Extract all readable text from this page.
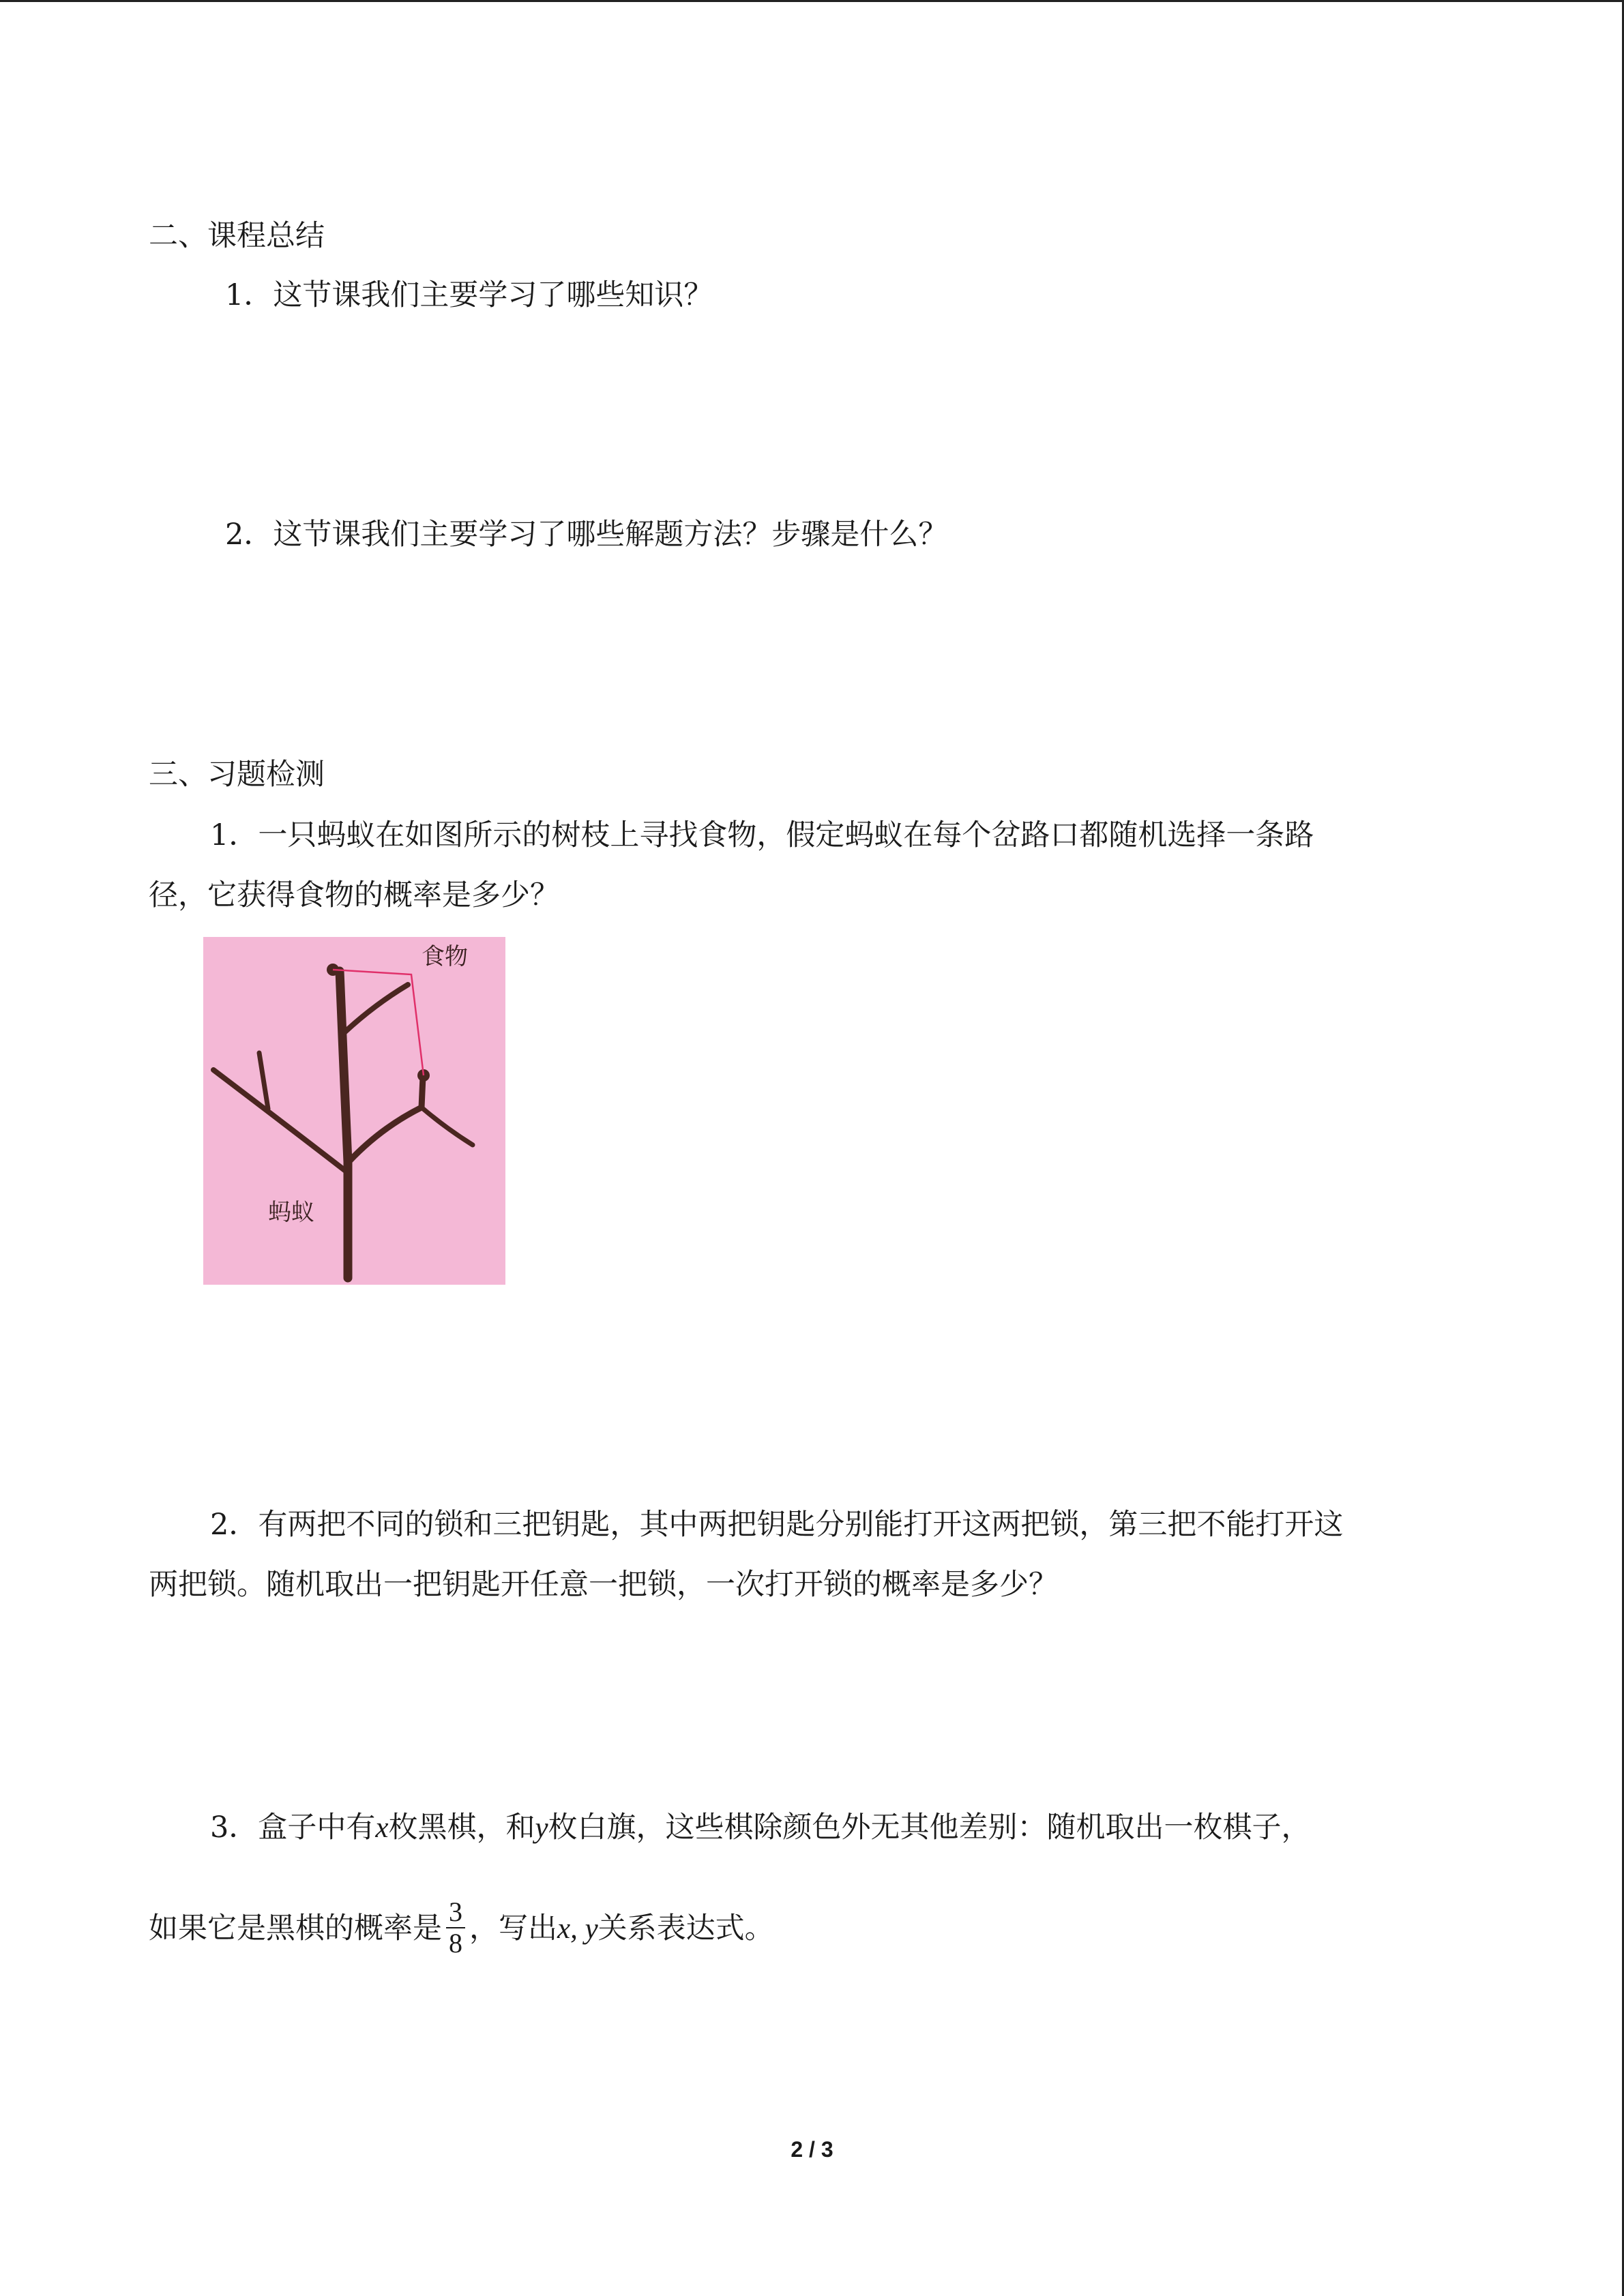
二、课程总结
1．这节课我们主要学习了哪些知识？
2．这节课我们主要学习了哪些解题方法？步骤是什么？
三、习题检测
1．一只蚂蚁在如图所示的树枝上寻找食物，假定蚂蚁在每个岔路口都随机选择一条路
径，它获得食物的概率是多少？
食物
蚂蚁
2．有两把不同的锁和三把钥匙，其中两把钥匙分别能打开这两把锁，第三把不能打开这
两把锁。随机取出一把钥匙开任意一把锁，一次打开锁的概率是多少？
3．盒子中有x枚黑棋，和y枚白旗，这些棋除颜色外无其他差别：随机取出一枚棋子，
如果它是黑棋的概率是 $\frac{3}{8}$ ，写出x, y关系表达式。
2 / 3
